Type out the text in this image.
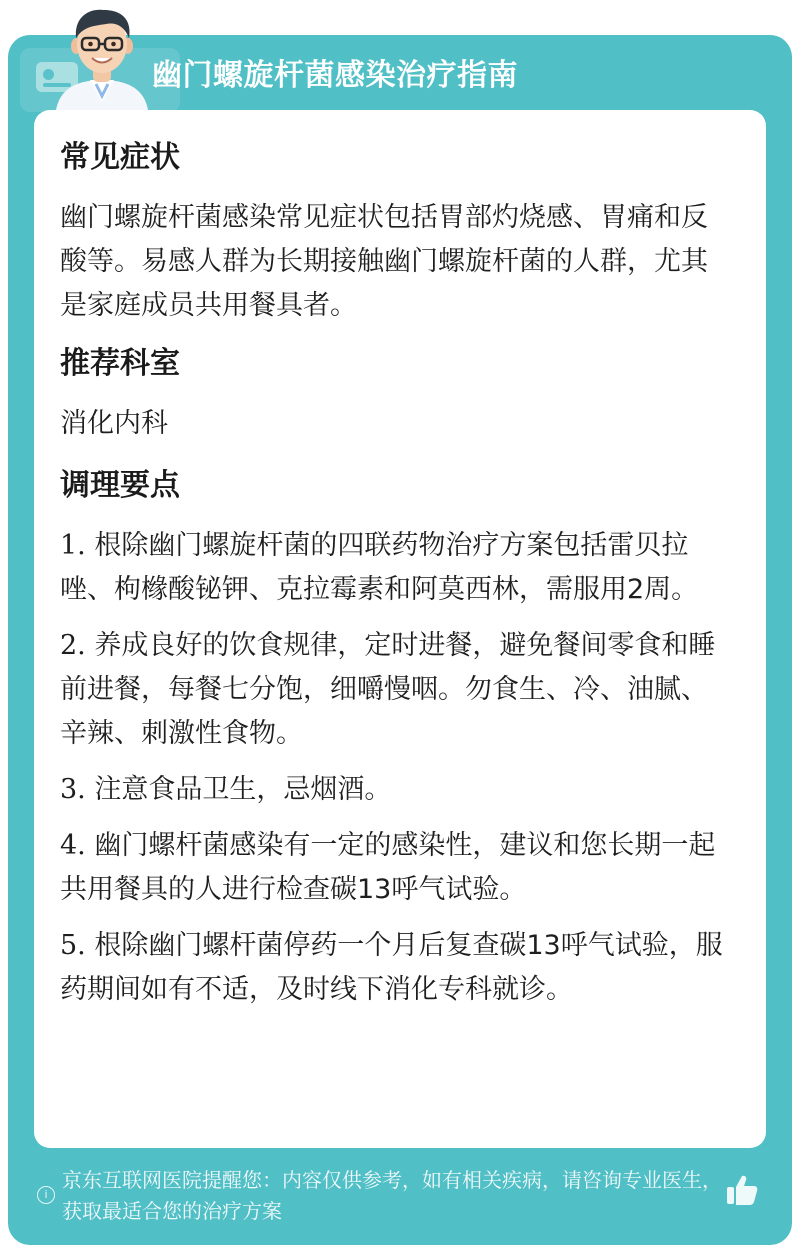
幽门螺旋杆菌感染治疗指南
常见症状
幽门螺旋杆菌感染常见症状包括胃部灼烧感、胃痛和反酸等。易感人群为长期接触幽门螺旋杆菌的人群，尤其是家庭成员共用餐具者。
推荐科室
消化内科
调理要点
1. 根除幽门螺旋杆菌的四联药物治疗方案包括雷贝拉唑、枸橼酸铋钾、克拉霉素和阿莫西林，需服用2周。
2. 养成良好的饮食规律，定时进餐，避免餐间零食和睡前进餐，每餐七分饱，细嚼慢咽。勿食生、冷、油腻、辛辣、刺激性食物。
3. 注意食品卫生，忌烟酒。
4. 幽门螺杆菌感染有一定的感染性，建议和您长期一起共用餐具的人进行检查碳13呼气试验。
5. 根除幽门螺杆菌停药一个月后复查碳13呼气试验，服药期间如有不适，及时线下消化专科就诊。
i
京东互联网医院提醒您：内容仅供参考，如有相关疾病，请咨询专业医生，获取最适合您的治疗方案
